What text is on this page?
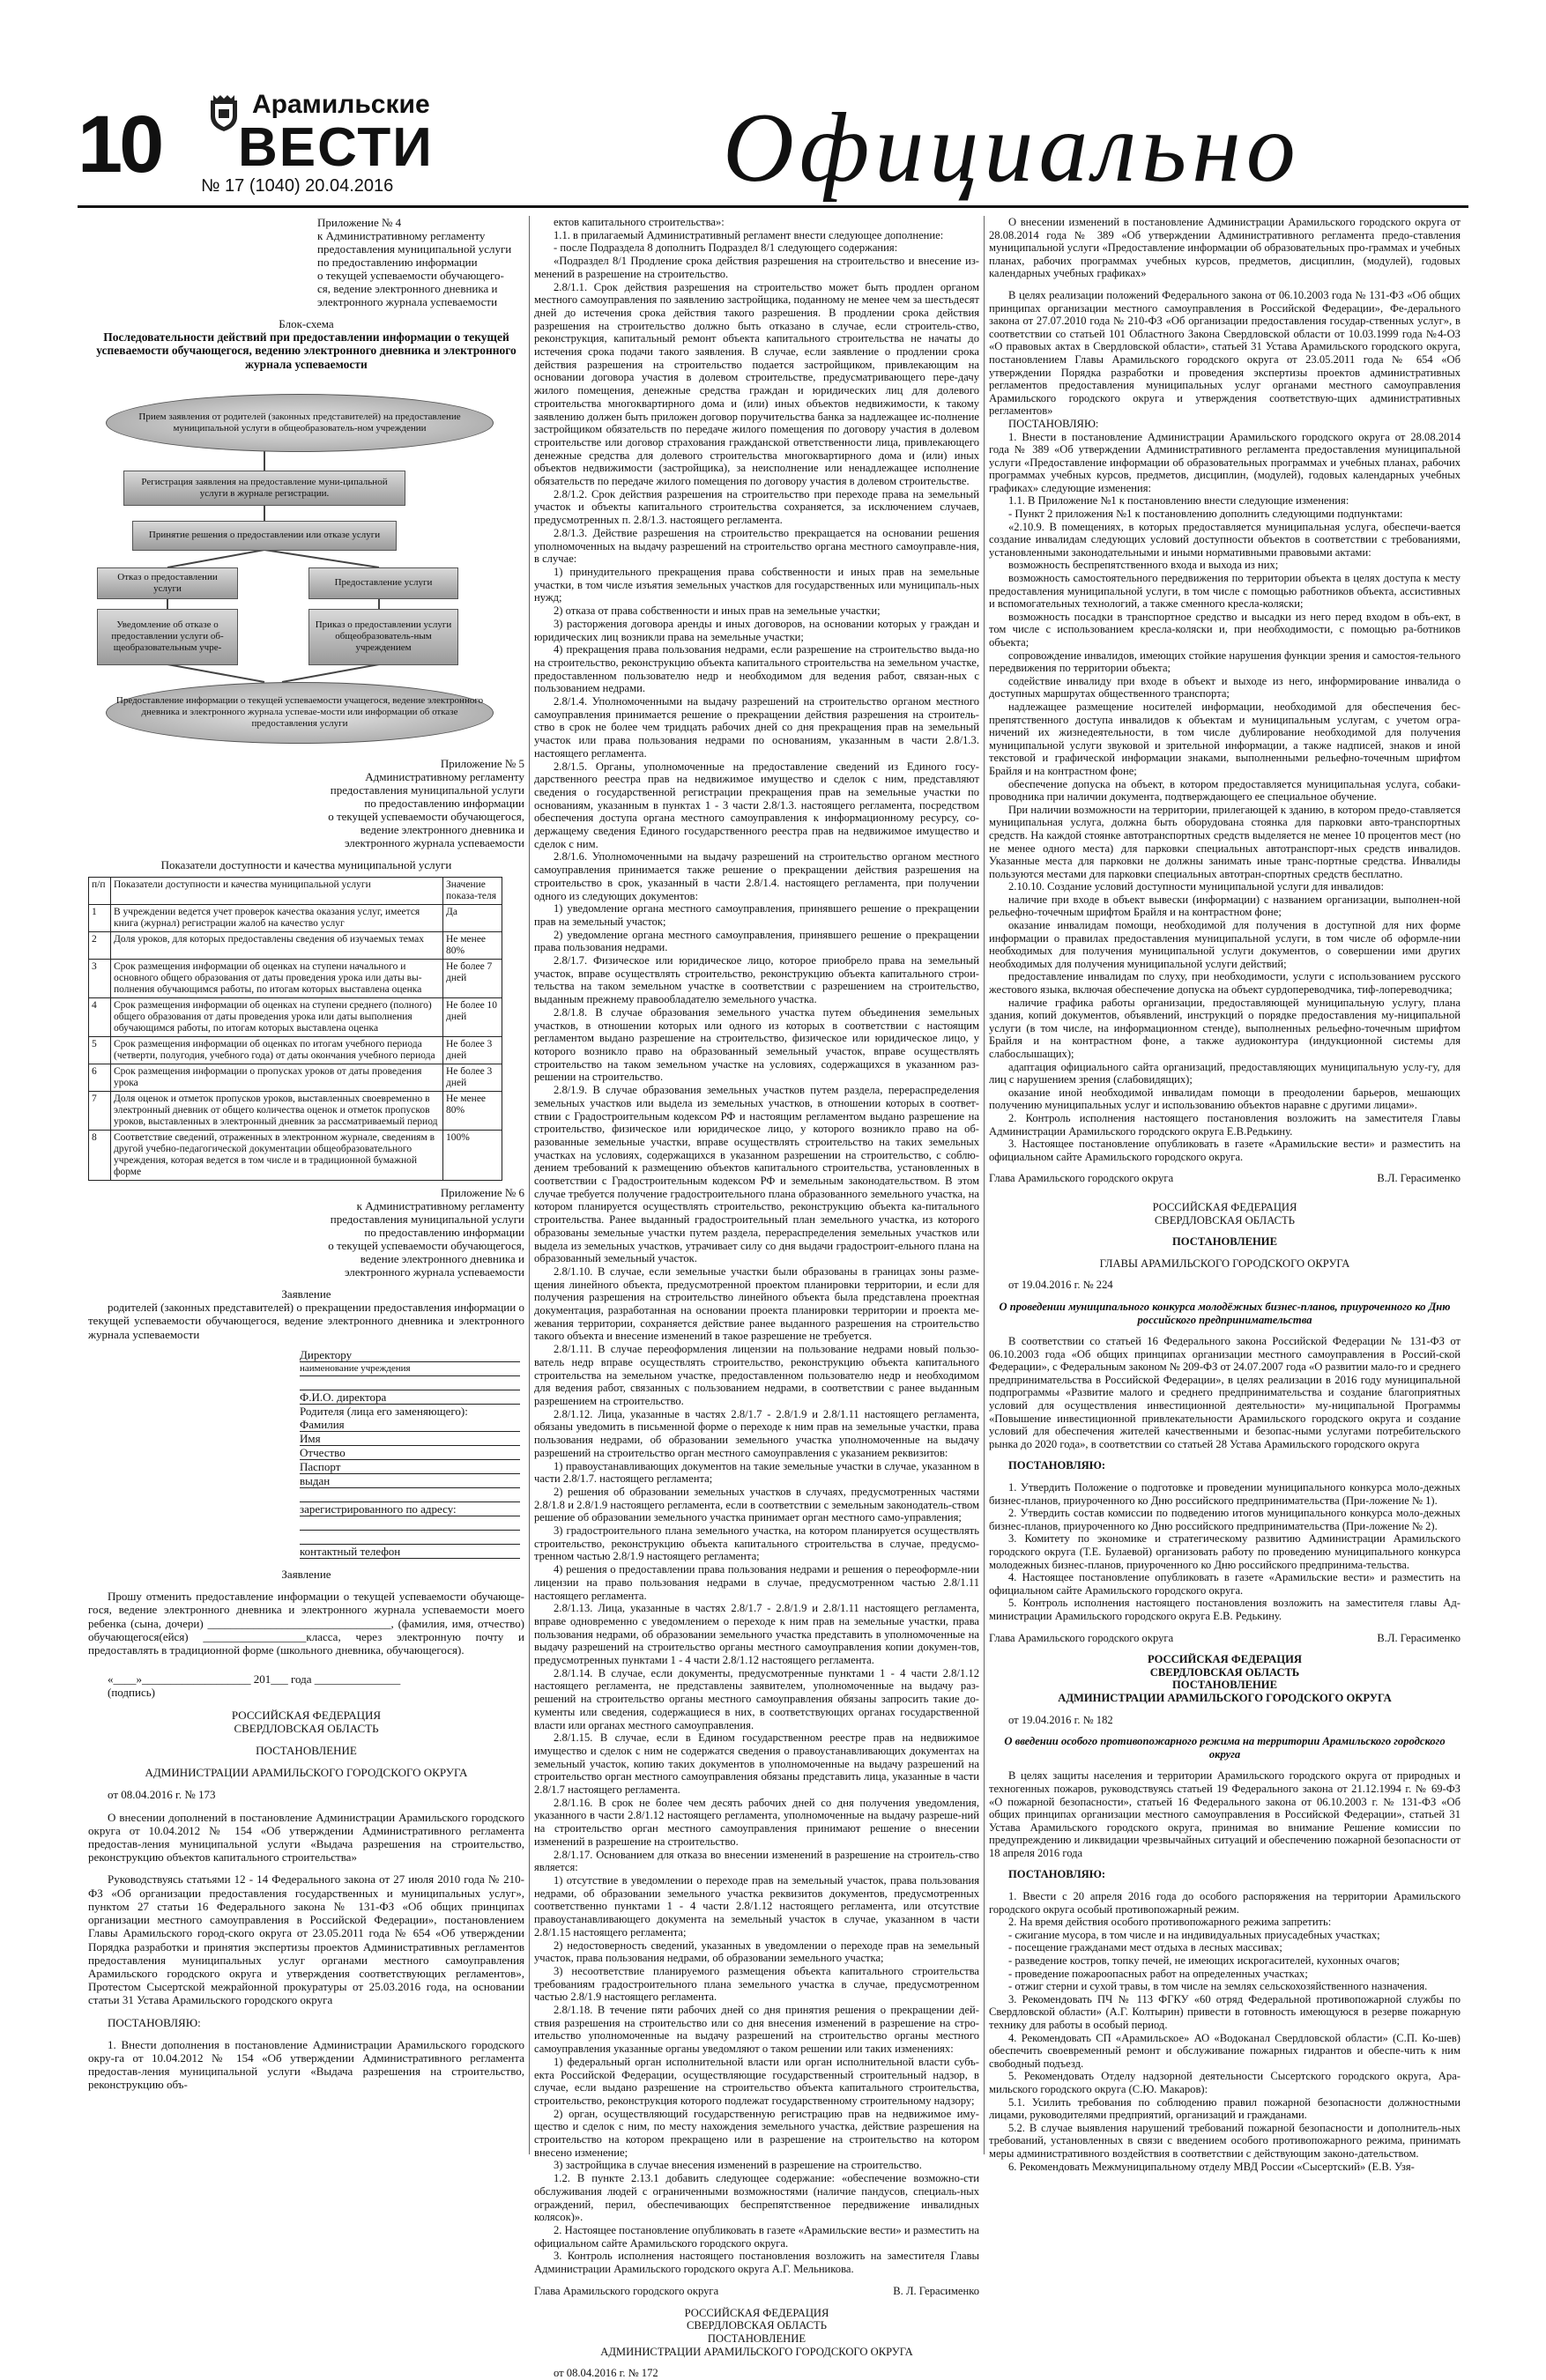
10	Арамильские
ВЕСТИ
№ 17 (1040) 20.04.2016	Официально
Приложение № 4
к Административному регламенту
предоставления муниципальной услуги
по предоставлению информации
о текущей успеваемости обучающего-
ся, ведение электронного дневника и
электронного журнала успеваемости

Блок-схема

Последовательности действий при предоставлении информации о текущей успеваемости обучающегося, ведению электронного дневника и электронного журнала успеваемости

Прием заявления от родителей (законных представителей) на предоставление муниципальной услуги в общеобразователь-ном учреждении
Регистрация заявления на предоставление муни-ципальной услуги в журнале регистрации.
Принятие решения о предоставлении или отказе услуги
Отказ о предоставлении услуги
Предоставление услуги
Уведомление об отказе о предоставлении услуги об-щеобразовательным учре-
Приказ о предоставлении услуги общеобразователь-ным учреждением
Предоставление информации о текущей успеваемости учащегося, ведение электронного дневника и электронного журнала успевае-мости или информации об отказе предоставления услуги
Приложение № 5
Административному регламенту
предоставления муниципальной услуги
по предоставлению информации
о текущей успеваемости обучающегося,
ведение электронного дневника и
электронного журнала успеваемости

Показатели доступности и качества муниципальной услуги

п/п	Показатели доступности и качества муниципальной услуги	Значение показа-теля
1	В учреждении ведется учет проверок качества оказания услуг, имеется книга (журнал) регистрации жалоб на качество услуг	Да
2	Доля уроков, для которых предоставлены сведения об изучаемых темах	Не менее 80%
3	Срок размещения информации об оценках на ступени начального и основного общего образования от даты проведения урока или даты вы-полнения обучающимся работы, по итогам которых выставлена оценка	Не более 7 дней
4	Срок размещения информации об оценках на ступени среднего (полного) общего образования от даты проведения урока или даты выполнения обучающимся работы, по итогам которых выставлена оценка	Не более 10 дней
5	Срок размещения информации об оценках по итогам учебного периода (четверти, полугодия, учебного года) от даты окончания учебного периода	Не более 3 дней
6	Срок размещения информации о пропусках уроков от даты проведения урока	Не более 3 дней
7	Доля оценок и отметок пропусков уроков, выставленных своевременно в электронный дневник от общего количества оценок и отметок пропусков уроков, выставленных в электронный дневник за рассматриваемый период	Не менее 80%
8	Соответствие сведений, отраженных в электронном журнале, сведениям в другой учебно-педагогической документации общеобразовательного учреждения, которая ведется в том числе и в традиционной бумажной форме	100%
Приложение № 6
к Административному регламенту
предоставления муниципальной услуги
по предоставлению информации
о текущей успеваемости обучающегося,
ведение электронного дневника и
электронного журнала успеваемости

Заявление

родителей (законных представителей) о прекращении предоставления информации о текущей успеваемости обучающегося, ведение электронного дневника и электронного журнала успеваемости

Директору
наименование учреждения
Ф.И.О. директора
Родителя (лица его заменяющего):
Фамилия
Имя
Отчество
Паспорт
выдан
зарегистрированного по адресу:
контактный телефон

Заявление

Прошу отменить предоставление информации о текущей успеваемости обучающе-гося, ведение электронного дневника и электронного журнала успеваемости моего ребенка (сына, дочери) ________________________________, (фамилия, имя, отчество) обучающегося(ейся) __________________класса, через электронную почту и предоставлять в традиционной форме (школьного дневника, обучающегося).

«____»___________________ 201___ года _______________

(подпись)

РОССИЙСКАЯ ФЕДЕРАЦИЯ

СВЕРДЛОВСКАЯ ОБЛАСТЬ

ПОСТАНОВЛЕНИЕ

АДМИНИСТРАЦИИ АРАМИЛЬСКОГО ГОРОДСКОГО ОКРУГА

от 08.04.2016 г. № 173

О внесении дополнений в постановление Администрации Арамильского городского округа от 10.04.2012 № 154 «Об утверждении Административного регламента предостав-ления муниципальной услуги «Выдача разрешения на строительство, реконструкцию объектов капитального строительства»

Руководствуясь статьями 12 - 14 Федерального закона от 27 июля 2010 года № 210-ФЗ «Об организации предоставления государственных и муниципальных услуг», пунктом 27 статьи 16 Федерального закона № 131-ФЗ «Об общих принципах организации местного самоуправления в Российской Федерации», постановлением Главы Арамильского город-ского округа от 23.05.2011 года № 654 «Об утверждении Порядка разработки и принятия экспертизы проектов Административных регламентов предоставления муниципальных услуг органами местного самоуправления Арамильского городского округа и утверждения соответствующих регламентов», Протестом Сысертской межрайонной прокуратуры от 25.03.2016 года, на основании статьи 31 Устава Арамильского городского округа

ПОСТАНОВЛЯЮ:

1. Внести дополнения в постановление Администрации Арамильского городского окру-га от 10.04.2012 № 154 «Об утверждении Административного регламента предостав-ления муниципальной услуги «Выдача разрешения на строительство, реконструкцию объ-

ектов капитального строительства»:

1.1. в прилагаемый Административный регламент внести следующее дополнение:

- после Подраздела 8 дополнить Подраздел 8/1 следующего содержания:

«Подраздел 8/1 Продление срока действия разрешения на строительство и внесение из-менений в разрешение на строительство.

2.8/1.1. Срок действия разрешения на строительство может быть продлен органом местного самоуправления по заявлению застройщика, поданному не менее чем за шестьдесят дней до истечения срока действия такого разрешения. В продлении срока действия разрешения на строительство должно быть отказано в случае, если строитель-ство, реконструкция, капитальный ремонт объекта капитального строительства не начаты до истечения срока подачи такого заявления. В случае, если заявление о продлении срока действия разрешения на строительство подается застройщиком, привлекающим на основании договора участия в долевом строительстве, предусматривающего пере-дачу жилого помещения, денежные средства граждан и юридических лиц для долевого строительства многоквартирного дома и (или) иных объектов недвижимости, к такому заявлению должен быть приложен договор поручительства банка за надлежащее ис-полнение застройщиком обязательств по передаче жилого помещения по договору участия в долевом строительстве или договор страхования гражданской ответственности лица, привлекающего денежные средства для долевого строительства многоквартирного дома и (или) иных объектов недвижимости (застройщика), за неисполнение или ненадлежащее исполнение обязательств по передаче жилого помещения по договору участия в долевом строительстве.

2.8/1.2. Срок действия разрешения на строительство при переходе права на земельный участок и объекты капитального строительства сохраняется, за исключением случаев, предусмотренных п. 2.8/1.3. настоящего регламента.

2.8/1.3. Действие разрешения на строительство прекращается на основании решения уполномоченных на выдачу разрешений на строительство органа местного самоуправле-ния, в случае:

1) принудительного прекращения права собственности и иных прав на земельные участки, в том числе изъятия земельных участков для государственных или муниципаль-ных нужд;

2) отказа от права собственности и иных прав на земельные участки;

3) расторжения договора аренды и иных договоров, на основании которых у граждан и юридических лиц возникли права на земельные участки;

4) прекращения права пользования недрами, если разрешение на строительство выда-но на строительство, реконструкцию объекта капитального строительства на земельном участке, предоставленном пользователю недр и необходимом для ведения работ, связан-ных с пользованием недрами.

2.8/1.4. Уполномоченными на выдачу разрешений на строительство органом местного самоуправления принимается решение о прекращении действия разрешения на строитель-ство в срок не более чем тридцать рабочих дней со дня прекращения прав на земельный участок или права пользования недрами по основаниям, указанным в части 2.8/1.3. настоящего регламента.

2.8/1.5. Органы, уполномоченные на предоставление сведений из Единого госу-дарственного реестра прав на недвижимое имущество и сделок с ним, представляют сведения о государственной регистрации прекращения прав на земельные участки по основаниям, указанным в пунктах 1 - 3 части 2.8/1.3. настоящего регламента, посредством обеспечения доступа органа местного самоуправления к информационному ресурсу, со-держащему сведения Единого государственного реестра прав на недвижимое имущество и сделок с ним.

2.8/1.6. Уполномоченными на выдачу разрешений на строительство органом местного самоуправления принимается также решение о прекращении действия разрешения на строительство в срок, указанный в части 2.8/1.4. настоящего регламента, при получении одного из следующих документов:

1) уведомление органа местного самоуправления, принявшего решение о прекращении прав на земельный участок;

2) уведомление органа местного самоуправления, принявшего решение о прекращении права пользования недрами.

2.8/1.7. Физическое или юридическое лицо, которое приобрело права на земельный участок, вправе осуществлять строительство, реконструкцию объекта капитального строи-тельства на таком земельном участке в соответствии с разрешением на строительство, выданным прежнему правообладателю земельного участка.

2.8/1.8. В случае образования земельного участка путем объединения земельных участков, в отношении которых или одного из которых в соответствии с настоящим регламентом выдано разрешение на строительство, физическое или юридическое лицо, у которого возникло право на образованный земельный участок, вправе осуществлять строительство на таком земельном участке на условиях, содержащихся в указанном раз-решении на строительство.

2.8/1.9. В случае образования земельных участков путем раздела, перераспределения земельных участков или выдела из земельных участков, в отношении которых в соответ-ствии с Градостроительным кодексом РФ и настоящим регламентом выдано разрешение на строительство, физическое или юридическое лицо, у которого возникло право на об-разованные земельные участки, вправе осуществлять строительство на таких земельных участках на условиях, содержащихся в указанном разрешении на строительство, с соблю-дением требований к размещению объектов капитального строительства, установленных в соответствии с Градостроительным кодексом РФ и земельным законодательством. В этом случае требуется получение градостроительного плана образованного земельного участка, на котором планируется осуществлять строительство, реконструкцию объекта ка-питального строительства. Ранее выданный градостроительный план земельного участка, из которого образованы земельные участки путем раздела, перераспределения земельных участков или выдела из земельных участков, утрачивает силу со дня выдачи градостроит-ельного плана на образованный земельный участок.

2.8/1.10. В случае, если земельные участки были образованы в границах зоны разме-щения линейного объекта, предусмотренной проектом планировки территории, и если для получения разрешения на строительство линейного объекта была представлена проектная документация, разработанная на основании проекта планировки территории и проекта ме-жевания территории, сохраняется действие ранее выданного разрешения на строительство такого объекта и внесение изменений в такое разрешение не требуется.

2.8/1.11. В случае переоформления лицензии на пользование недрами новый пользо-ватель недр вправе осуществлять строительство, реконструкцию объекта капитального строительства на земельном участке, предоставленном пользователю недр и необходимом для ведения работ, связанных с пользованием недрами, в соответствии с ранее выданным разрешением на строительство.

2.8/1.12. Лица, указанные в частях 2.8/1.7 - 2.8/1.9 и 2.8/1.11 настоящего регламента, обязаны уведомить в письменной форме о переходе к ним прав на земельные участки, права пользования недрами, об образовании земельного участка уполномоченные на выдачу разрешений на строительство орган местного самоуправления с указанием реквизитов:

1) правоустанавливающих документов на такие земельные участки в случае, указанном в части 2.8/1.7. настоящего регламента;

2) решения об образовании земельных участков в случаях, предусмотренных частями 2.8/1.8 и 2.8/1.9 настоящего регламента, если в соответствии с земельным законодатель-ством решение об образовании земельного участка принимает орган местного само-управления;

3) градостроительного плана земельного участка, на котором планируется осуществлять строительство, реконструкцию объекта капитального строительства в случае, предусмо-тренном частью 2.8/1.9 настоящего регламента;

4) решения о предоставлении права пользования недрами и решения о переоформле-нии лицензии на право пользования недрами в случае, предусмотренном частью 2.8/1.11 настоящего регламента.

2.8/1.13. Лица, указанные в частях 2.8/1.7 - 2.8/1.9 и 2.8/1.11 настоящего регламента, вправе одновременно с уведомлением о переходе к ним прав на земельные участки, права пользования недрами, об образовании земельного участка представить в уполномоченные на выдачу разрешений на строительство органы местного самоуправления копии докумен-тов, предусмотренных пунктами 1 - 4 части 2.8/1.12 настоящего регламента.

2.8/1.14. В случае, если документы, предусмотренные пунктами 1 - 4 части 2.8/1.12 настоящего регламента, не представлены заявителем, уполномоченные на выдачу раз-решений на строительство органы местного самоуправления обязаны запросить такие до-кументы или сведения, содержащиеся в них, в соответствующих органах государственной власти или органах местного самоуправления.

2.8/1.15. В случае, если в Едином государственном реестре прав на недвижимое имущество и сделок с ним не содержатся сведения о правоустанавливающих документах на земельный участок, копию таких документов в уполномоченные на выдачу разрешений на строительство орган местного самоуправления обязаны представить лица, указанные в части 2.8/1.7 настоящего регламента.

2.8/1.16. В срок не более чем десять рабочих дней со дня получения уведомления, указанного в части 2.8/1.12 настоящего регламента, уполномоченные на выдачу разреше-ний на строительство орган местного самоуправления принимают решение о внесении изменений в разрешение на строительство.

2.8/1.17. Основанием для отказа во внесении изменений в разрешение на строитель-ство является:

1) отсутствие в уведомлении о переходе прав на земельный участок, права пользования недрами, об образовании земельного участка реквизитов документов, предусмотренных соответственно пунктами 1 - 4 части 2.8/1.12 настоящего регламента, или отсутствие правоустанавливающего документа на земельный участок в случае, указанном в части 2.8/1.15 настоящего регламента;

2) недостоверность сведений, указанных в уведомлении о переходе прав на земельный участок, права пользования недрами, об образовании земельного участка;

3) несоответствие планируемого размещения объекта капитального строительства требованиям градостроительного плана земельного участка в случае, предусмотренном частью 2.8/1.9 настоящего регламента.

2.8/1.18. В течение пяти рабочих дней со дня принятия решения о прекращении дей-ствия разрешения на строительство или со дня внесения изменений в разрешение на стро-ительство уполномоченные на выдачу разрешений на строительство органы местного самоуправления указанные органы уведомляют о таком решении или таких изменениях:

1) федеральный орган исполнительной власти или орган исполнительной власти субъ-екта Российской Федерации, осуществляющие государственный строительный надзор, в случае, если выдано разрешение на строительство объекта капитального строительства, строительство, реконструкция которого подлежат государственному строительному надзору;

2) орган, осуществляющий государственную регистрацию прав на недвижимое иму-щество и сделок с ним, по месту нахождения земельного участка, действие разрешения на строительство на котором прекращено или в разрешение на строительство на котором внесено изменение;

3) застройщика в случае внесения изменений в разрешение на строительство.

1.2. В пункте 2.13.1 добавить следующее содержание: «обеспечение возможно-сти обслуживания людей с ограниченными возможностями (наличие пандусов, специаль-ных ограждений, перил, обеспечивающих беспрепятственное передвижение инвалидных колясок)».

2. Настоящее постановление опубликовать в газете «Арамильские вести» и разместить на официальном сайте Арамильского городского округа.

3. Контроль исполнения настоящего постановления возложить на заместителя Главы Администрации Арамильского городского округа А.Г. Мельникова.

Глава Арамильского городского округа	В. Л. Герасименко

РОССИЙСКАЯ ФЕДЕРАЦИЯ

СВЕРДЛОВСКАЯ ОБЛАСТЬ

ПОСТАНОВЛЕНИЕ

АДМИНИСТРАЦИИ АРАМИЛЬСКОГО ГОРОДСКОГО ОКРУГА

от 08.04.2016 г. № 172

О внесении изменений в постановление Администрации Арамильского городского округа от 28.08.2014 года № 389 «Об утверждении Административного регламента предо-ставления муниципальной услуги «Предоставление информации об образовательных про-граммах и учебных планах, рабочих программах учебных курсов, предметов, дисциплин, (модулей), годовых календарных учебных графиках»

В целях реализации положений Федерального закона от 06.10.2003 года № 131-ФЗ «Об общих принципах организации местного самоуправления в Российской Федерации», Фе-дерального закона от 27.07.2010 года № 210-ФЗ «Об организации предоставления государ-ственных услуг», в соответствии со статьей 101 Областного Закона Свердловской области от 10.03.1999 года №4-ОЗ «О правовых актах в Свердловской области», статьей 31 Устава Арамильского городского округа, постановлением Главы Арамильского городского округа от 23.05.2011 года № 654 «Об утверждении Порядка разработки и проведения экспертизы проектов административных регламентов предоставления муниципальных услуг органами местного самоуправления Арамильского городского округа и утверждения соответствую-щих административных регламентов»

ПОСТАНОВЛЯЮ:

1. Внести в постановление Администрации Арамильского городского округа от 28.08.2014 года № 389 «Об утверждении Административного регламента предоставления муниципальной услуги «Предоставление информации об образовательных программах и учебных планах, рабочих программах учебных курсов, предметов, дисциплин, (модулей), годовых календарных учебных графиках» следующие изменения:

1.1. В Приложение №1 к постановлению внести следующие изменения:

- Пункт 2 приложения №1 к постановлению дополнить следующими подпунктами:

«2.10.9. В помещениях, в которых предоставляется муниципальная услуга, обеспечи-вается создание инвалидам следующих условий доступности объектов в соответствии с требованиями, установленными законодательными и иными нормативными правовыми актами:

возможность беспрепятственного входа и выхода из них;

возможность самостоятельного передвижения по территории объекта в целях доступа к месту предоставления муниципальной услуги, в том числе с помощью работников объекта, ассистивных и вспомогательных технологий, а также сменного кресла-коляски;

возможность посадки в транспортное средство и высадки из него перед входом в объ-ект, в том числе с использованием кресла-коляски и, при необходимости, с помощью ра-ботников объекта;

сопровождение инвалидов, имеющих стойкие нарушения функции зрения и самостоя-тельного передвижения по территории объекта;

содействие инвалиду при входе в объект и выходе из него, информирование инвалида о доступных маршрутах общественного транспорта;

надлежащее размещение носителей информации, необходимой для обеспечения бес-препятственного доступа инвалидов к объектам и муниципальным услугам, с учетом огра-ничений их жизнедеятельности, в том числе дублирование необходимой для получения муниципальной услуги звуковой и зрительной информации, а также надписей, знаков и иной текстовой и графической информации знаками, выполненными рельефно-точечным шрифтом Брайля и на контрастном фоне;

обеспечение допуска на объект, в котором предоставляется муниципальная услуга, собаки-проводника при наличии документа, подтверждающего ее специальное обучение.

При наличии возможности на территории, прилегающей к зданию, в котором предо-ставляется муниципальная услуга, должна быть оборудована стоянка для парковки авто-транспортных средств. На каждой стоянке автотранспортных средств выделяется не менее 10 процентов мест (но не менее одного места) для парковки специальных автотранспорт-ных средств инвалидов. Указанные места для парковки не должны занимать иные транс-портные средства. Инвалиды пользуются местами для парковки специальных автотран-спортных средств бесплатно.

2.10.10. Создание условий доступности муниципальной услуги для инвалидов:

наличие при входе в объект вывески (информации) с названием организации, выполнен-ной рельефно-точечным шрифтом Брайля и на контрастном фоне;

оказание инвалидам помощи, необходимой для получения в доступной для них форме информации о правилах предоставления муниципальной услуги, в том числе об оформле-нии необходимых для получения муниципальной услуги документов, о совершении ими других необходимых для получения муниципальной услуги действий;

предоставление инвалидам по слуху, при необходимости, услуги с использованием русского жестового языка, включая обеспечение допуска на объект сурдопереводчика, тиф-лопереводчика;

наличие графика работы организации, предоставляющей муниципальную услугу, плана здания, копий документов, объявлений, инструкций о порядке предоставления му-ниципальной услуги (в том числе, на информационном стенде), выполненных рельефно-точечным шрифтом Брайля и на контрастном фоне, а также аудиоконтура (индукционной системы для слабослышащих);

адаптация официального сайта организаций, предоставляющих муниципальную услу-гу, для лиц с нарушением зрения (слабовидящих);

оказание иной необходимой инвалидам помощи в преодолении барьеров, мешающих получению муниципальных услуг и использованию объектов наравне с другими лицами».

2. Контроль исполнения настоящего постановления возложить на заместителя Главы Администрации Арамильского городского округа Е.В.Редькину.

3. Настоящее постановление опубликовать в газете «Арамильские вести» и разместить на официальном сайте Арамильского городского округа.

Глава Арамильского городского округа	В.Л. Герасименко

РОССИЙСКАЯ ФЕДЕРАЦИЯ

СВЕРДЛОВСКАЯ ОБЛАСТЬ

ПОСТАНОВЛЕНИЕ

ГЛАВЫ АРАМИЛЬСКОГО ГОРОДСКОГО ОКРУГА

от 19.04.2016 г. № 224

О проведении муниципального конкурса молодёжных бизнес-планов, приуроченного ко Дню российского предпринимательства

В соответствии со статьей 16 Федерального закона Российской Федерации № 131-ФЗ от 06.10.2003 года «Об общих принципах организации местного самоуправления в Россий-ской Федерации», с Федеральным законом № 209-ФЗ от 24.07.2007 года «О развитии мало-го и среднего предпринимательства в Российской Федерации», в целях реализации в 2016 году муниципальной подпрограммы «Развитие малого и среднего предпринимательства и создание благоприятных условий для осуществления инвестиционной деятельности» му-ниципальной Программы «Повышение инвестиционной привлекательности Арамильского городского округа и создание условий для обеспечения жителей качественными и безопас-ными услугами потребительского рынка до 2020 года», в соответствии со статьей 28 Устава Арамильского городского округа

ПОСТАНОВЛЯЮ:

1. Утвердить Положение о подготовке и проведении муниципального конкурса моло-дежных бизнес-планов, приуроченного ко Дню российского предпринимательства (При-ложение № 1).

2. Утвердить состав комиссии по подведению итогов муниципального конкурса моло-дежных бизнес-планов, приуроченного ко Дню российского предпринимательства (При-ложение № 2).

3. Комитету по экономике и стратегическому развитию Администрации Арамильского городского округа (Т.Е. Булаевой) организовать работу по проведению муниципального конкурса молодежных бизнес-планов, приуроченного ко Дню российского предпринима-тельства.

4. Настоящее постановление опубликовать в газете «Арамильские вести» и разместить на официальном сайте Арамильского городского округа.

5. Контроль исполнения настоящего постановления возложить на заместителя главы Ад-министрации Арамильского городского округа Е.В. Редькину.

Глава Арамильского городского округа	В.Л. Герасименко

РОССИЙСКАЯ ФЕДЕРАЦИЯ

СВЕРДЛОВСКАЯ ОБЛАСТЬ

ПОСТАНОВЛЕНИЕ

АДМИНИСТРАЦИИ АРАМИЛЬСКОГО ГОРОДСКОГО ОКРУГА

от 19.04.2016 г. № 182

О введении особого противопожарного режима на территории Арамильского городского округа

В целях защиты населения и территории Арамильского городского округа от природных и техногенных пожаров, руководствуясь статьей 19 Федерального закона от 21.12.1994 г. № 69-ФЗ «О пожарной безопасности», статьей 16 Федерального закона от 06.10.2003 г. № 131-ФЗ «Об общих принципах организации местного самоуправления в Российской Федерации», статьей 31 Устава Арамильского городского округа, принимая во внимание Решение комиссии по предупреждению и ликвидации чрезвычайных ситуаций и обеспечению пожарной безопасности от 18 апреля 2016 года

ПОСТАНОВЛЯЮ:

1. Ввести с 20 апреля 2016 года до особого распоряжения на территории Арамильского городского округа особый противопожарный режим.

2. На время действия особого противопожарного режима запретить:

- сжигание мусора, в том числе и на индивидуальных приусадебных участках;

- посещение гражданами мест отдыха в лесных массивах;

- разведение костров, топку печей, не имеющих искрогасителей, кухонных очагов;

- проведение пожароопасных работ на определенных участках;

- отжиг стерни и сухой травы, в том числе на землях сельскохозяйственного назначения.

3. Рекомендовать ПЧ № 113 ФГКУ «60 отряд Федеральной противопожарной службы по Свердловской области» (А.Г. Колтырин) привести в готовность имеющуюся в резерве пожарную технику для работы в особый период.

4. Рекомендовать СП «Арамильское» АО «Водоканал Свердловской области» (С.П. Ко-шев) обеспечить своевременный ремонт и обслуживание пожарных гидрантов и обеспе-чить к ним свободный подъезд.

5. Рекомендовать Отделу надзорной деятельности Сысертского городского округа, Ара-мильского городского округа (С.Ю. Макаров):

5.1. Усилить требования по соблюдению правил пожарной безопасности должностными лицами, руководителями предприятий, организаций и гражданами.

5.2. В случае выявления нарушений требований пожарной безопасности и дополнитель-ных требований, установленных в связи с введением особого противопожарного режима, принимать меры административного воздействия в соответствии с действующим законо-дательством.

6. Рекомендовать Межмуниципальному отделу МВД России «Сысертский» (Е.В. Узя-
